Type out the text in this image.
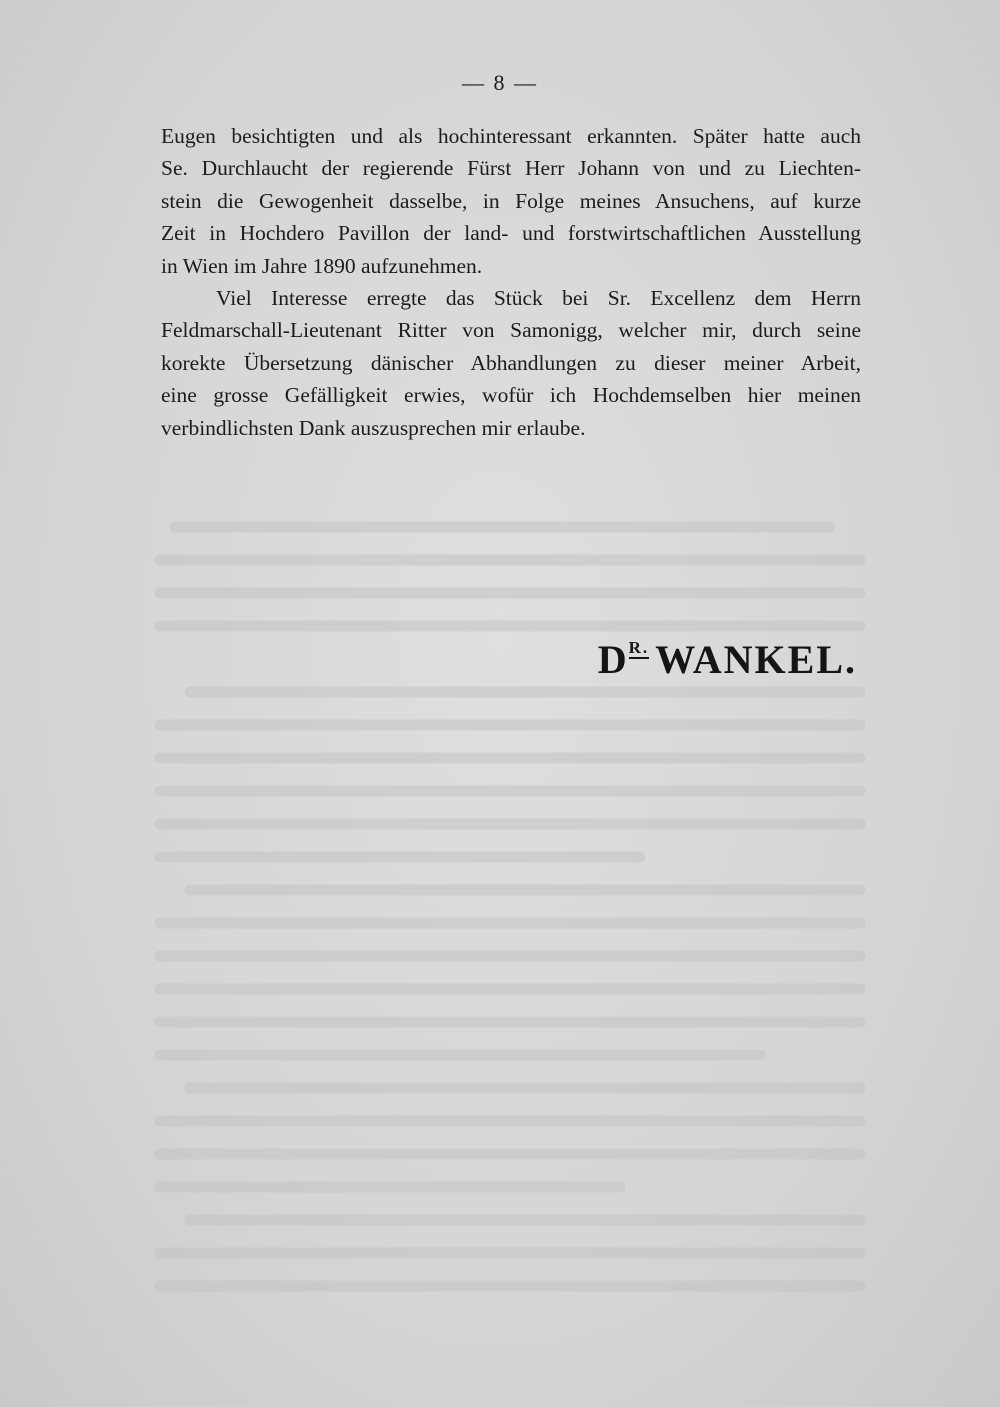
— 8 —

Eugen besichtigten und als hochinteressant erkannten. Später hatte auch
Se. Durchlaucht der regierende Fürst Herr Johann von und zu Liechten-
stein die Gewogenheit dasselbe, in Folge meines Ansuchens, auf kurze
Zeit in Hochdero Pavillon der land- und forstwirtschaftlichen Ausstellung
in Wien im Jahre 1890 aufzunehmen.

Viel Interesse erregte das Stück bei Sr. Excellenz dem Herrn
Feldmarschall-Lieutenant Ritter von Samonigg, welcher mir, durch seine
korekte Übersetzung dänischer Abhandlungen zu dieser meiner Arbeit,
eine grosse Gefälligkeit erwies, wofür ich Hochdemselben hier meinen
verbindlichsten Dank auszusprechen mir erlaube.

$D^{R.}$ WANKEL.
